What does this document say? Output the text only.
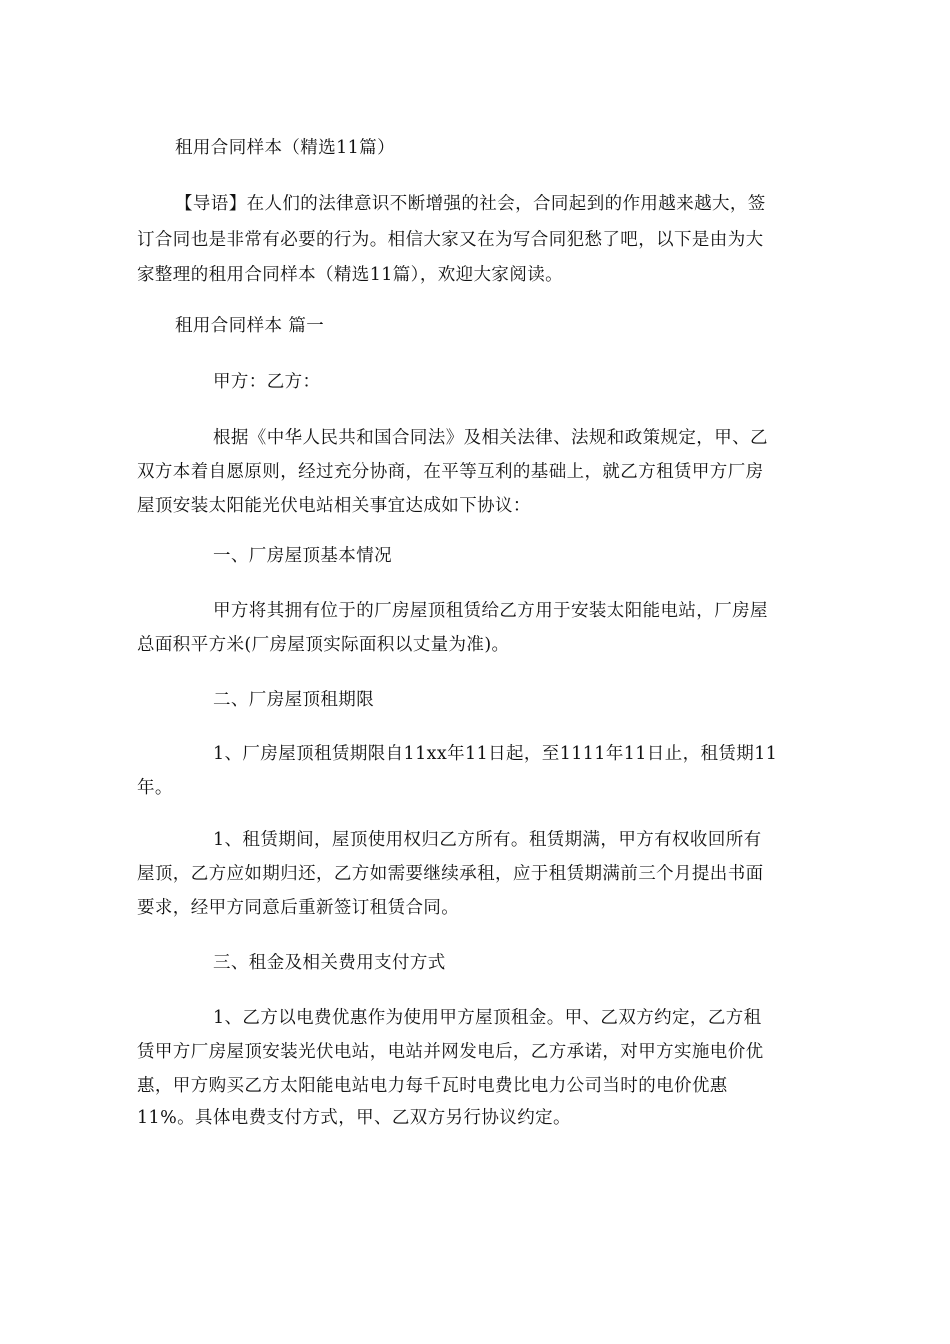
租用合同样本（精选11篇）
【导语】在人们的法律意识不断增强的社会，合同起到的作用越来越大，签
订合同也是非常有必要的行为。相信大家又在为写合同犯愁了吧，以下是由为大
家整理的租用合同样本（精选11篇），欢迎大家阅读。
租用合同样本 篇一
甲方：乙方：
根据《中华人民共和国合同法》及相关法律、法规和政策规定，甲、乙
双方本着自愿原则，经过充分协商，在平等互利的基础上，就乙方租赁甲方厂房
屋顶安装太阳能光伏电站相关事宜达成如下协议：
一、厂房屋顶基本情况
甲方将其拥有位于的厂房屋顶租赁给乙方用于安装太阳能电站，厂房屋
总面积平方米(厂房屋顶实际面积以丈量为准)。
二、厂房屋顶租期限
1、厂房屋顶租赁期限自11xx年11日起，至1111年11日止，租赁期11
年。
1、租赁期间，屋顶使用权归乙方所有。租赁期满，甲方有权收回所有
屋顶，乙方应如期归还，乙方如需要继续承租，应于租赁期满前三个月提出书面
要求，经甲方同意后重新签订租赁合同。
三、租金及相关费用支付方式
1、乙方以电费优惠作为使用甲方屋顶租金。甲、乙双方约定，乙方租
赁甲方厂房屋顶安装光伏电站，电站并网发电后，乙方承诺，对甲方实施电价优
惠，甲方购买乙方太阳能电站电力每千瓦时电费比电力公司当时的电价优惠
11%。具体电费支付方式，甲、乙双方另行协议约定。
